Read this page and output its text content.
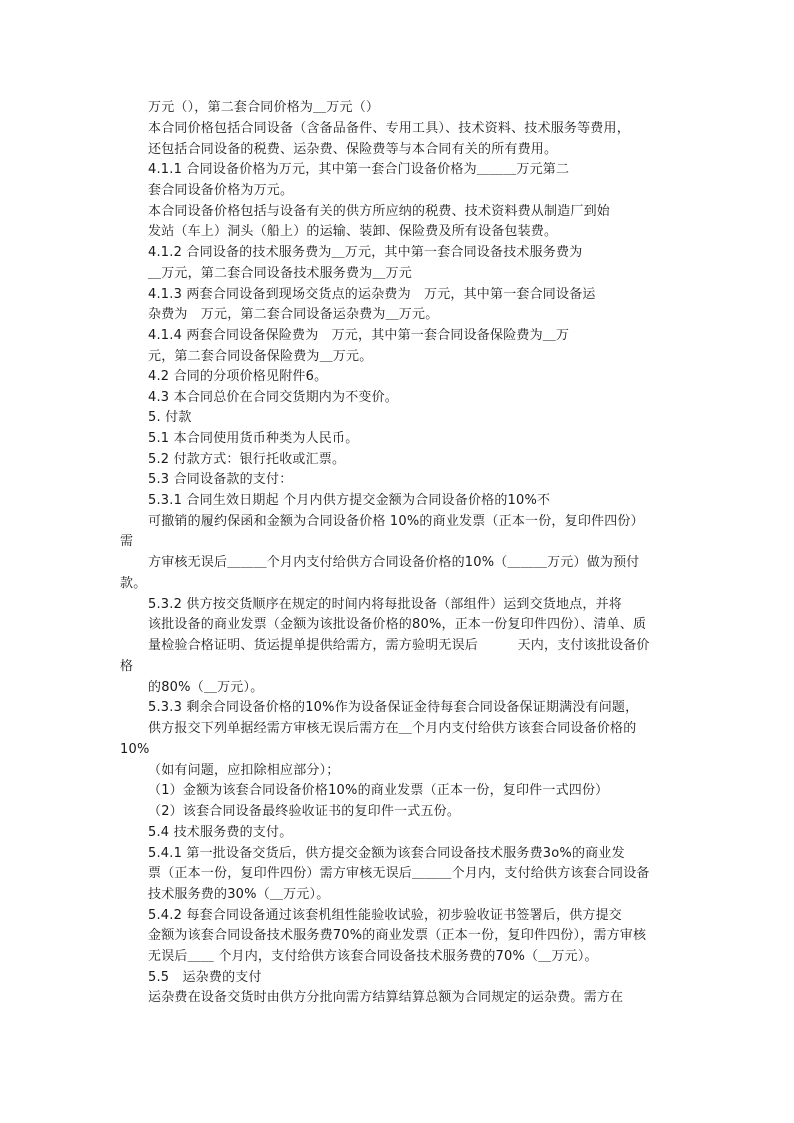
万元（），第二套合同价格为＿万元（）
本合同价格包括合同设备（含备品备件、专用工具）、技术资料、技术服务等费用，
还包括合同设备的税费、运杂费、保险费等与本合同有关的所有费用。
4.1.1 合同设备价格为万元，其中第一套合门设备价格为＿＿＿万元第二
套合同设备价格为万元。
本合同设备价格包括与设备有关的供方所应纳的税费、技术资料费从制造厂到始
发站（车上）洞头（船上）的运输、装卸、保险费及所有设备包装费。
4.1.2 合同设备的技术服务费为＿万元，其中第一套合同设备技术服务费为
＿万元，第二套合同设备技术服务费为＿万元
4.1.3 两套合同设备到现场交货点的运杂费为　万元，其中第一套合同设备运
杂费为　万元，第二套合同设备运杂费为＿万元。
4.1.4 两套合同设备保险费为　万元，其中第一套合同设备保险费为＿万
元，第二套合同设备保险费为＿万元。
4.2 合同的分项价格见附件6。
4.3 本合同总价在合同交货期内为不变价。
5. 付款
5.1 本合同使用货币种类为人民币。
5.2 付款方式：银行托收或汇票。
5.3 合同设备款的支付：
5.3.1 合同生效日期起 个月内供方提交金额为合同设备价格的10%不
可撤销的履约保函和金额为合同设备价格 10%的商业发票（正本一份，复印件四份）
需
方审核无误后＿＿＿个月内支付给供方合同设备价格的10%（＿＿＿万元）做为预付
款。
5.3.2 供方按交货顺序在规定的时间内将每批设备（部组件）运到交货地点，并将
该批设备的商业发票（金额为该批设备价格的80%，正本一份复印件四份）、清单、质
量检验合格证明、货运提单提供给需方，需方验明无误后　　　天内，支付该批设备价
格
的80%（＿万元）。
5.3.3 剩余合同设备价格的10%作为设备保证金待每套合同设备保证期满没有问题，
供方报交下列单据经需方审核无误后需方在＿个月内支付给供方该套合同设备价格的
10%
（如有问题，应扣除相应部分）；
（1）金额为该套合同设备价格10%的商业发票（正本一份，复印件一式四份）
（2）该套合同设备最终验收证书的复印件一式五份。
5.4 技术服务费的支付。
5.4.1 第一批设备交货后，供方提交金额为该套合同设备技术服务费3o%的商业发
票（正本一份，复印件四份）需方审核无误后＿＿＿个月内，支付给供方该套合同设备
技术服务费的30%（＿万元）。
5.4.2 每套合同设备通过该套机组性能验收试验，初步验收证书签署后，供方提交
金额为该套合同设备技术服务费70%的商业发票（正本一份，复印件四份），需方审核
无误后＿＿ 个月内，支付给供方该套合同设备技术服务费的70%（＿万元）。
5.5　运杂费的支付
运杂费在设备交货时由供方分批向需方结算结算总额为合同规定的运杂费。需方在
